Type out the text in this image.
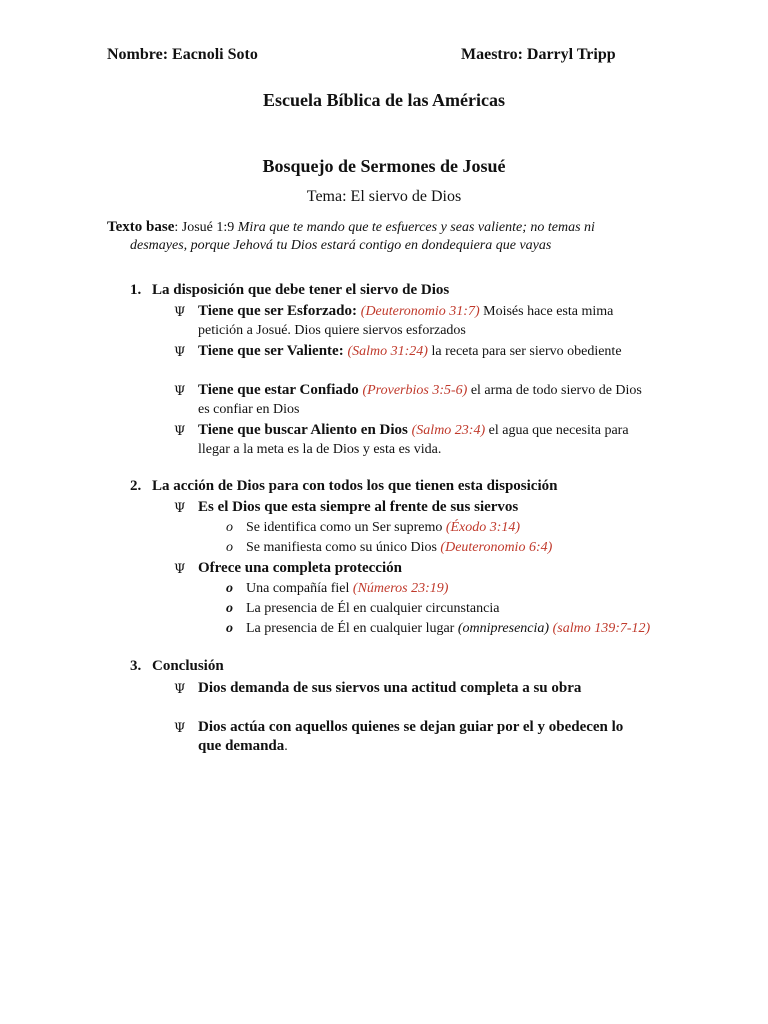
Nombre: Eacnoli Soto	Maestro: Darryl Tripp
Escuela Bíblica de las Américas
Bosquejo de Sermones de Josué
Tema: El siervo de Dios
Texto base: Josué 1:9 Mira que te mando que te esfuerces y seas valiente; no temas ni
desmayes, porque Jehová tu Dios estará contigo en dondequiera que vayas
1. La disposición que debe tener el siervo de Dios
Ψ Tiene que ser Esforzado: (Deuteronomio 31:7) Moisés hace esta mima petición a Josué. Dios quiere siervos esforzados
Ψ Tiene que ser Valiente: (Salmo 31:24) la receta para ser siervo obediente
Ψ Tiene que estar Confiado (Proverbios 3:5-6) el arma de todo siervo de Dios es confiar en Dios
Ψ Tiene que buscar Aliento en Dios (Salmo 23:4) el agua que necesita para llegar a la meta es la de Dios y esta es vida.
2. La acción de Dios para con todos los que tienen esta disposición
Ψ Es el Dios que esta siempre al frente de sus siervos
o Se identifica como un Ser supremo (Éxodo 3:14)
o Se manifiesta como su único Dios (Deuteronomio 6:4)
Ψ Ofrece una completa protección
o Una compañía fiel (Números 23:19)
o La presencia de Él en cualquier circunstancia
o La presencia de Él en cualquier lugar (omnipresencia) (salmo 139:7-12)
3. Conclusión
Ψ Dios demanda de sus siervos una actitud completa a su obra
Ψ Dios actúa con aquellos quienes se dejan guiar por el y obedecen lo que demanda.
